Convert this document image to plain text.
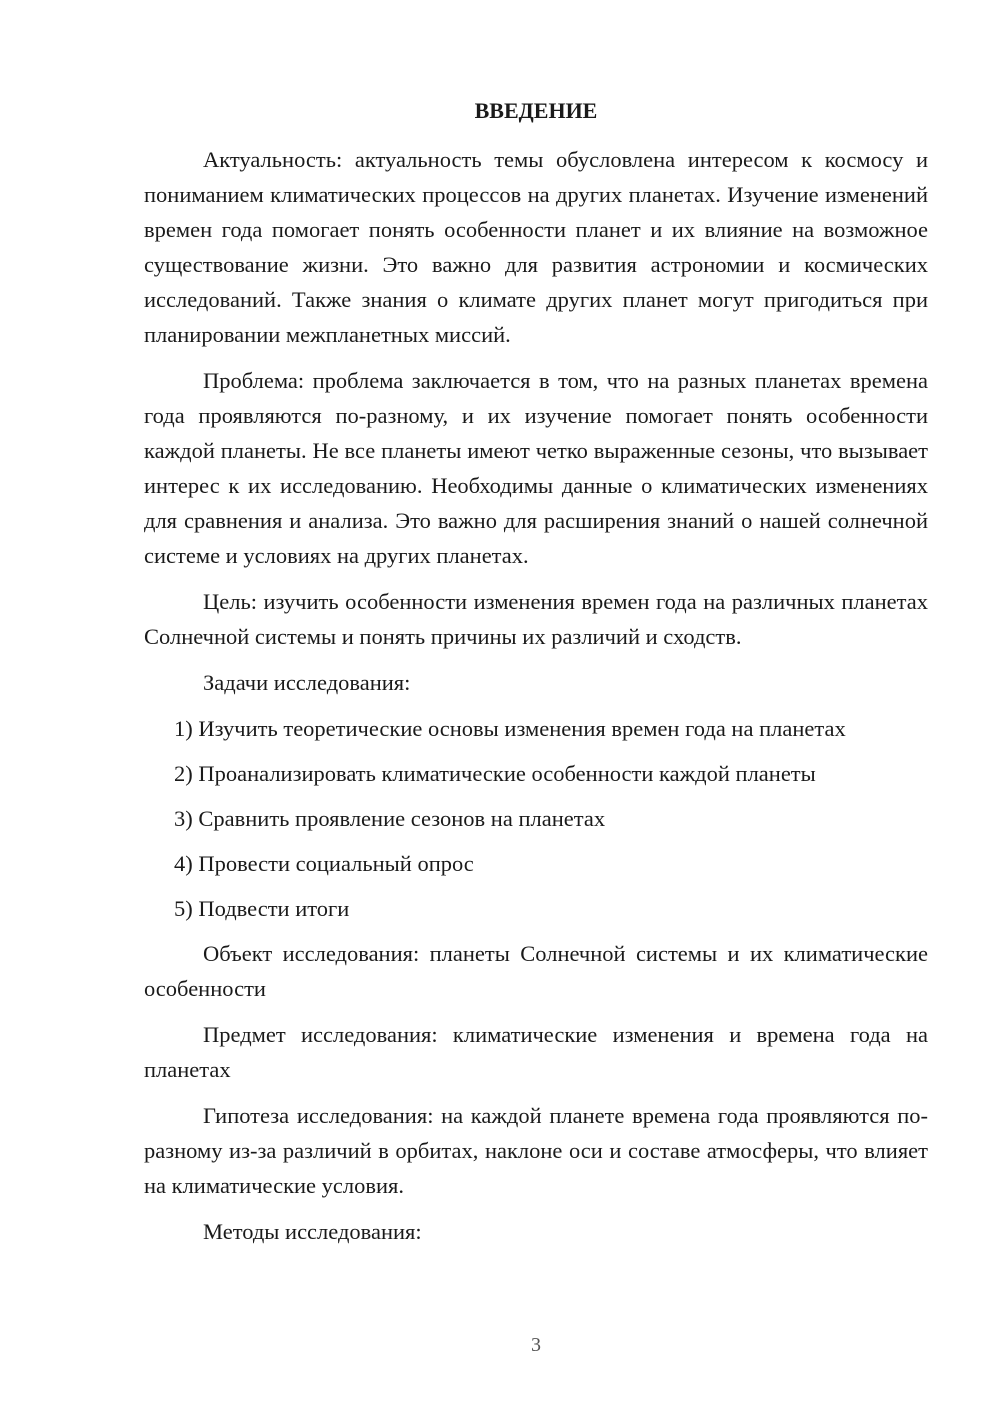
ВВЕДЕНИЕ

Актуальность: актуальность темы обусловлена интересом к космосу и пониманием климатических процессов на других планетах. Изучение изменений времен года помогает понять особенности планет и их влияние на возможное существование жизни. Это важно для развития астрономии и космических исследований. Также знания о климате других планет могут пригодиться при планировании межпланетных миссий.

Проблема: проблема заключается в том, что на разных планетах времена года проявляются по-разному, и их изучение помогает понять особенности каждой планеты. Не все планеты имеют четко выраженные сезоны, что вызывает интерес к их исследованию. Необходимы данные о климатических изменениях для сравнения и анализа. Это важно для расширения знаний о нашей солнечной системе и условиях на других планетах.

Цель: изучить особенности изменения времен года на различных планетах Солнечной системы и понять причины их различий и сходств.

Задачи исследования:

1) Изучить теоретические основы изменения времен года на планетах
2) Проанализировать климатические особенности каждой планеты
3) Сравнить проявление сезонов на планетах
4) Провести социальный опрос
5) Подвести итоги

Объект исследования: планеты Солнечной системы и их климатические особенности

Предмет исследования: климатические изменения и времена года на планетах

Гипотеза исследования: на каждой планете времена года проявляются по-разному из-за различий в орбитах, наклоне оси и составе атмосферы, что влияет на климатические условия.

Методы исследования:

3
